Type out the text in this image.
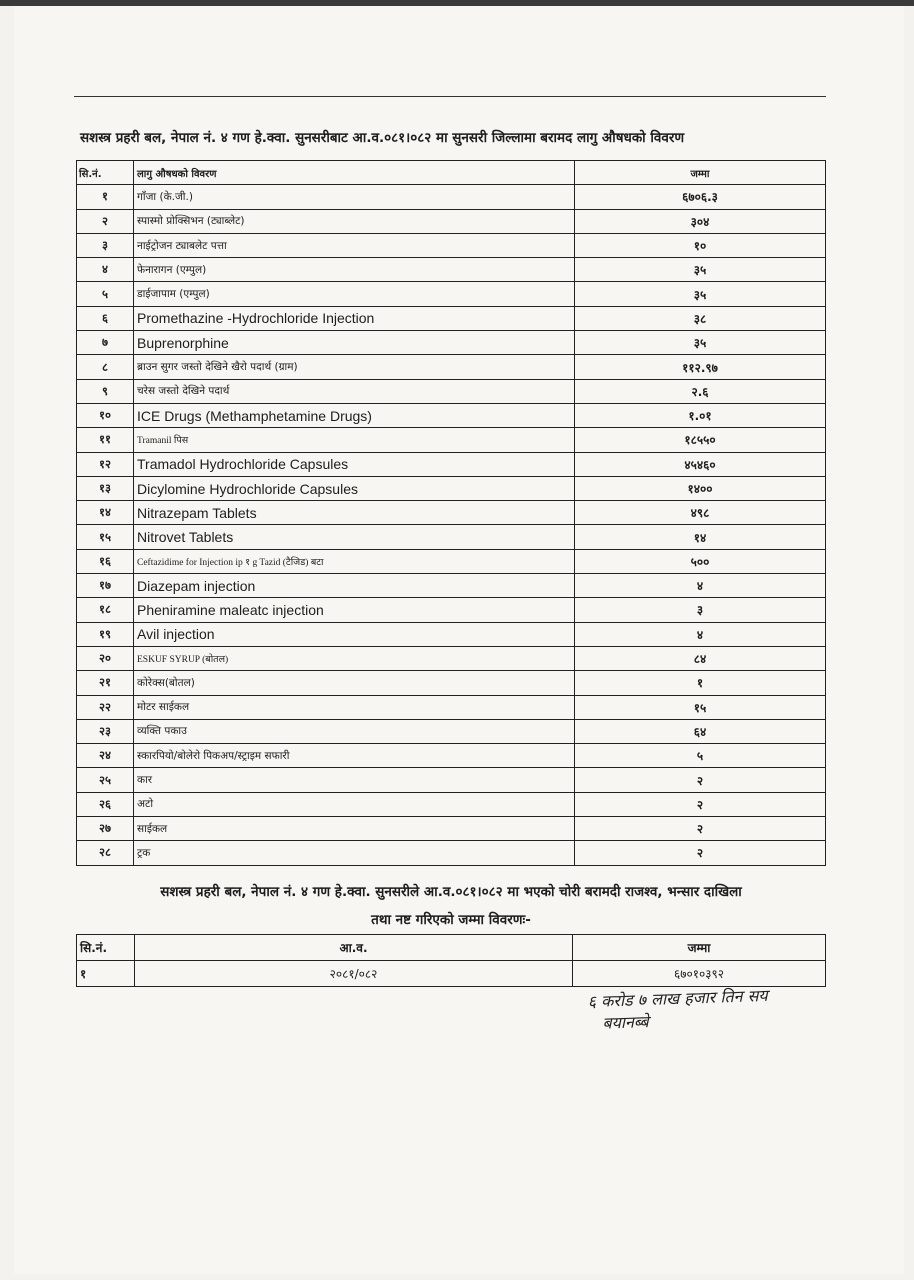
सशस्त्र प्रहरी बल, नेपाल नं. ४ गण हे.क्वा. सुनसरीबाट आ.व.०८१।०८२ मा सुनसरी जिल्लामा बरामद लागु औषधको विवरण
सि.नं.	लागु औषधको विवरण	जम्मा
१	गाँजा (के.जी.)	६७०६.३
२	स्पास्मो प्रोक्सिभन (ट्याब्लेट)	३०४
३	नाईट्रोजन ट्याबलेट पत्ता	१०
४	फेनारागन (एम्पुल)	३५
५	डाईजापाम (एम्पुल)	३५
६	Promethazine -Hydrochloride Injection	३८
७	Buprenorphine	३५
८	ब्राउन सुगर जस्तो देखिने खैरो पदार्थ (ग्राम)	११२.९७
९	चरेस जस्तो देखिने पदार्थ	२.६
१०	ICE Drugs (Methamphetamine Drugs)	१.०१
११	Tramanil पिस	१८५५०
१२	Tramadol Hydrochloride Capsules	४५४६०
१३	Dicylomine Hydrochloride Capsules	१४००
१४	Nitrazepam Tablets	४९८
१५	Nitrovet Tablets	१४
१६	Ceftazidime for Injection ip १ g Tazid (टैजिड) बटा	५००
१७	Diazepam injection	४
१८	Pheniramine maleatc injection	३
१९	Avil injection	४
२०	ESKUF SYRUP (बोतल)	८४
२१	कोरेक्स(बोतल)	१
२२	मोटर साईकल	१५
२३	व्यक्ति पकाउ	६४
२४	स्कारपियो/बोलेरो पिकअप/स्ट्राइम सफारी	५
२५	कार	२
२६	अटो	२
२७	साईकल	२
२८	ट्रक	२
सशस्त्र प्रहरी बल, नेपाल नं. ४ गण हे.क्वा. सुनसरीले आ.व.०८१।०८२ मा भएको चोरी बरामदी राजश्व, भन्सार दाखिला
तथा नष्ट गरिएको जम्मा विवरणः-
सि.नं.	आ.व.	जम्मा
१	२०८१/०८२	६७०१०३९२
६ करोड ७ लाख हजार तिन सय
बयानब्बे
